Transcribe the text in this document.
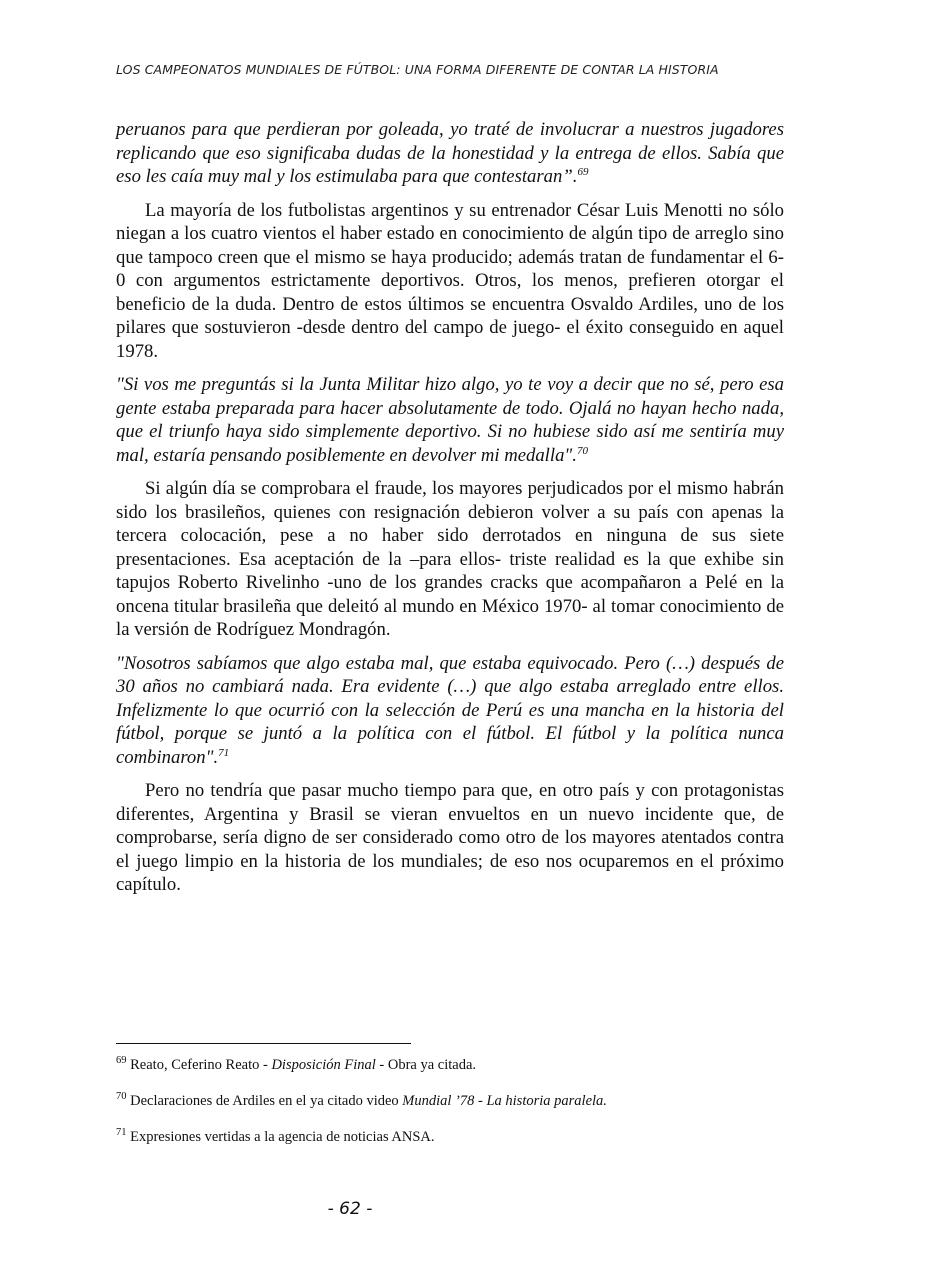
LOS CAMPEONATOS MUNDIALES DE FÚTBOL: UNA FORMA DIFERENTE DE CONTAR LA HISTORIA

peruanos para que perdieran por goleada, yo traté de involucrar a nuestros jugadores replicando que eso significaba dudas de la honestidad y la entrega de ellos. Sabía que eso les caía muy mal y los estimulaba para que contestaran”.$^{69}$

La mayoría de los futbolistas argentinos y su entrenador César Luis Menotti no sólo niegan a los cuatro vientos el haber estado en conocimiento de algún tipo de arreglo sino que tampoco creen que el mismo se haya producido; además tratan de fundamentar el 6-0 con argumentos estrictamente deportivos. Otros, los menos, prefieren otorgar el beneficio de la duda. Dentro de estos últimos se encuentra Osvaldo Ardiles, uno de los pilares que sostuvieron -desde dentro del campo de juego- el éxito conseguido en aquel 1978.

"Si vos me preguntás si la Junta Militar hizo algo, yo te voy a decir que no sé, pero esa gente estaba preparada para hacer absolutamente de todo. Ojalá no hayan hecho nada, que el triunfo haya sido simplemente deportivo. Si no hubiese sido así me sentiría muy mal, estaría pensando posiblemente en devolver mi medalla".$^{70}$

Si algún día se comprobara el fraude, los mayores perjudicados por el mismo habrán sido los brasileños, quienes con resignación debieron volver a su país con apenas la tercera colocación, pese a no haber sido derrotados en ninguna de sus siete presentaciones. Esa aceptación de la –para ellos- triste realidad es la que exhibe sin tapujos Roberto Rivelinho -uno de los grandes cracks que acompañaron a Pelé en la oncena titular brasileña que deleitó al mundo en México 1970- al tomar conocimiento de la versión de Rodríguez Mondragón.

"Nosotros sabíamos que algo estaba mal, que estaba equivocado. Pero (…) después de 30 años no cambiará nada. Era evidente (…) que algo estaba arreglado entre ellos. Infelizmente lo que ocurrió con la selección de Perú es una mancha en la historia del fútbol, porque se juntó a la política con el fútbol. El fútbol y la política nunca combinaron".$^{71}$

Pero no tendría que pasar mucho tiempo para que, en otro país y con protagonistas diferentes, Argentina y Brasil se vieran envueltos en un nuevo incidente que, de comprobarse, sería digno de ser considerado como otro de los mayores atentados contra el juego limpio en la historia de los mundiales; de eso nos ocuparemos en el próximo capítulo.

$^{69}$ Reato, Ceferino Reato - Disposición Final - Obra ya citada.
$^{70}$ Declaraciones de Ardiles en el ya citado video Mundial ’78 - La historia paralela.
$^{71}$ Expresiones vertidas a la agencia de noticias ANSA.
- 62 -
